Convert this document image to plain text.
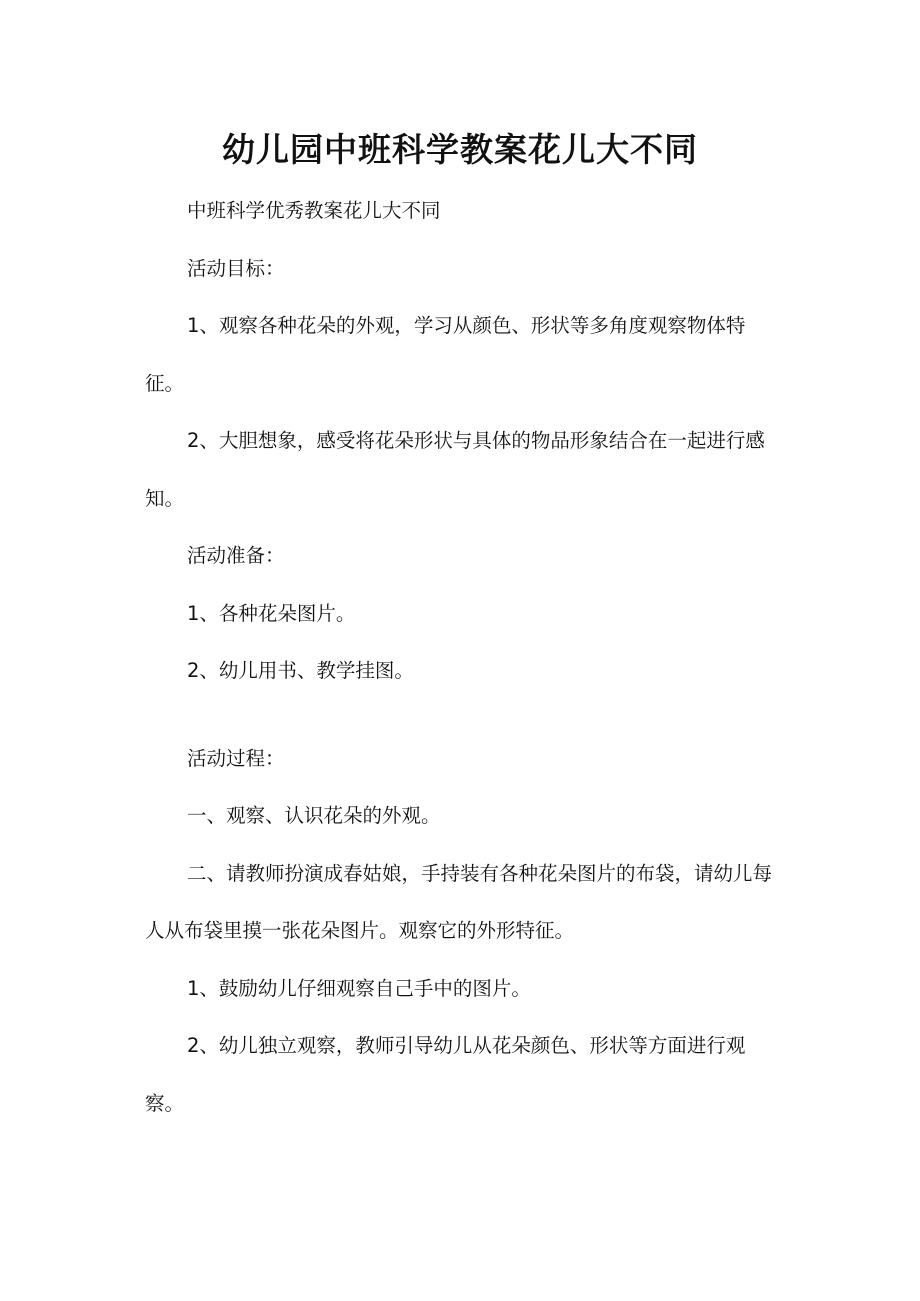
幼儿园中班科学教案花儿大不同

中班科学优秀教案花儿大不同

活动目标：

1、观察各种花朵的外观，学习从颜色、形状等多角度观察物体特征。

2、大胆想象，感受将花朵形状与具体的物品形象结合在一起进行感知。

活动准备：

1、各种花朵图片。

2、幼儿用书、教学挂图。

活动过程：

一、观察、认识花朵的外观。

二、请教师扮演成春姑娘，手持装有各种花朵图片的布袋，请幼儿每人从布袋里摸一张花朵图片。观察它的外形特征。

1、鼓励幼儿仔细观察自己手中的图片。

2、幼儿独立观察，教师引导幼儿从花朵颜色、形状等方面进行观察。
